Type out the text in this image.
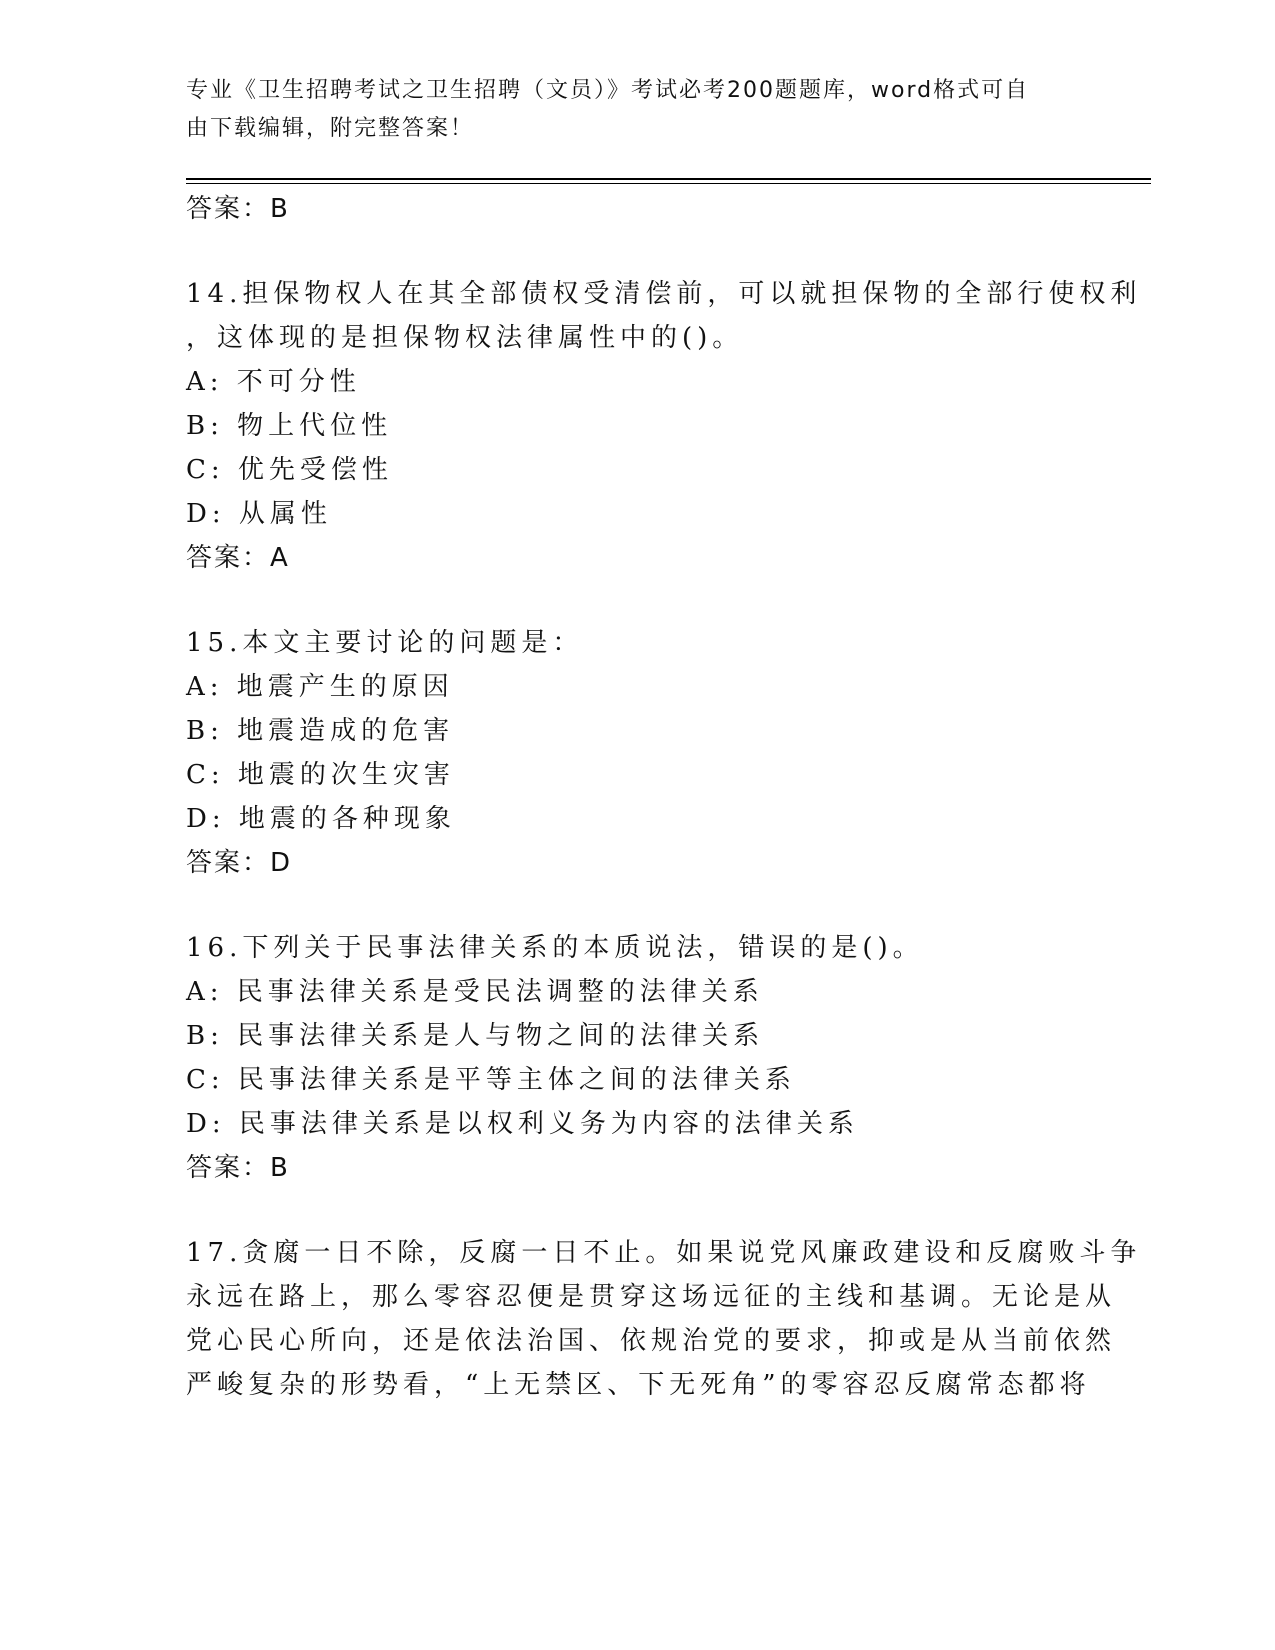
专业《卫生招聘考试之卫生招聘（文员）》考试必考200题题库，word格式可自
由下载编辑，附完整答案！
答案：B
14.担保物权人在其全部债权受清偿前，可以就担保物的全部行使权利
，这体现的是担保物权法律属性中的()。
A: 不可分性
B: 物上代位性
C: 优先受偿性
D: 从属性
答案：A
15.本文主要讨论的问题是：
A: 地震产生的原因
B: 地震造成的危害
C: 地震的次生灾害
D: 地震的各种现象
答案：D
16.下列关于民事法律关系的本质说法，错误的是()。
A: 民事法律关系是受民法调整的法律关系
B: 民事法律关系是人与物之间的法律关系
C: 民事法律关系是平等主体之间的法律关系
D: 民事法律关系是以权利义务为内容的法律关系
答案：B
17.贪腐一日不除，反腐一日不止。如果说党风廉政建设和反腐败斗争
永远在路上，那么零容忍便是贯穿这场远征的主线和基调。无论是从
党心民心所向，还是依法治国、依规治党的要求，抑或是从当前依然
严峻复杂的形势看，“上无禁区、下无死角”的零容忍反腐常态都将
